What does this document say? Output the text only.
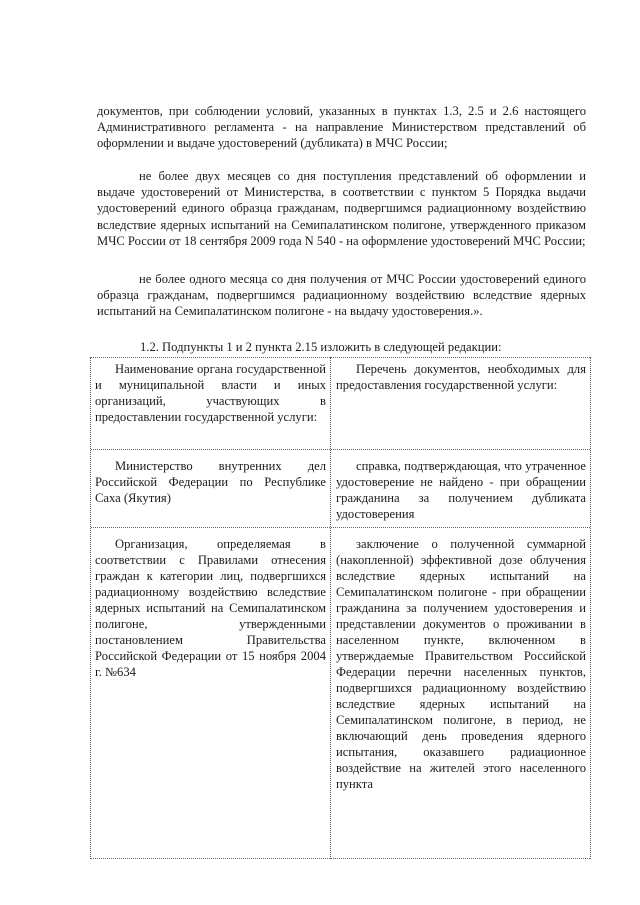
документов, при соблюдении условий, указанных в пунктах 1.3, 2.5 и 2.6 настоящего Административного регламента - на направление Министерством представлений об оформлении и выдаче удостоверений (дубликата) в МЧС России;
не более двух месяцев со дня поступления представлений об оформлении и выдаче удостоверений от Министерства, в соответствии с пунктом 5 Порядка выдачи удостоверений единого образца гражданам, подвергшимся радиационному воздействию вследствие ядерных испытаний на Семипалатинском полигоне, утвержденного приказом МЧС России от 18 сентября 2009 года N 540 - на оформление удостоверений МЧС России;
не более одного месяца со дня получения от МЧС России удостоверений единого образца гражданам, подвергшимся радиационному воздействию вследствие ядерных испытаний на Семипалатинском полигоне - на выдачу удостоверения.».
1.2. Подпункты 1 и 2 пункта 2.15 изложить в следующей редакции:
Наименование органа государственной и муниципальной власти и иных организаций, участвующих в предоставлении государственной услуги:
Перечень документов, необходимых для предоставления государственной услуги:
Министерство внутренних дел Российской Федерации по Республике Саха (Якутия)
справка, подтверждающая, что утраченное удостоверение не найдено - при обращении гражданина за получением дубликата удостоверения
Организация, определяемая в соответствии с Правилами отнесения граждан к категории лиц, подвергшихся радиационному воздействию вследствие ядерных испытаний на Семипалатинском полигоне, утвержденными постановлением Правительства Российской Федерации от 15 ноября 2004 г. №634
заключение о полученной суммарной (накопленной) эффективной дозе облучения вследствие ядерных испытаний на Семипалатинском полигоне - при обращении гражданина за получением удостоверения и представлении документов о проживании в населенном пункте, включенном в утверждаемые Правительством Российской Федерации перечни населенных пунктов, подвергшихся радиационному воздействию вследствие ядерных испытаний на Семипалатинском полигоне, в период, не включающий день проведения ядерного испытания, оказавшего радиационное воздействие на жителей этого населенного пункта
